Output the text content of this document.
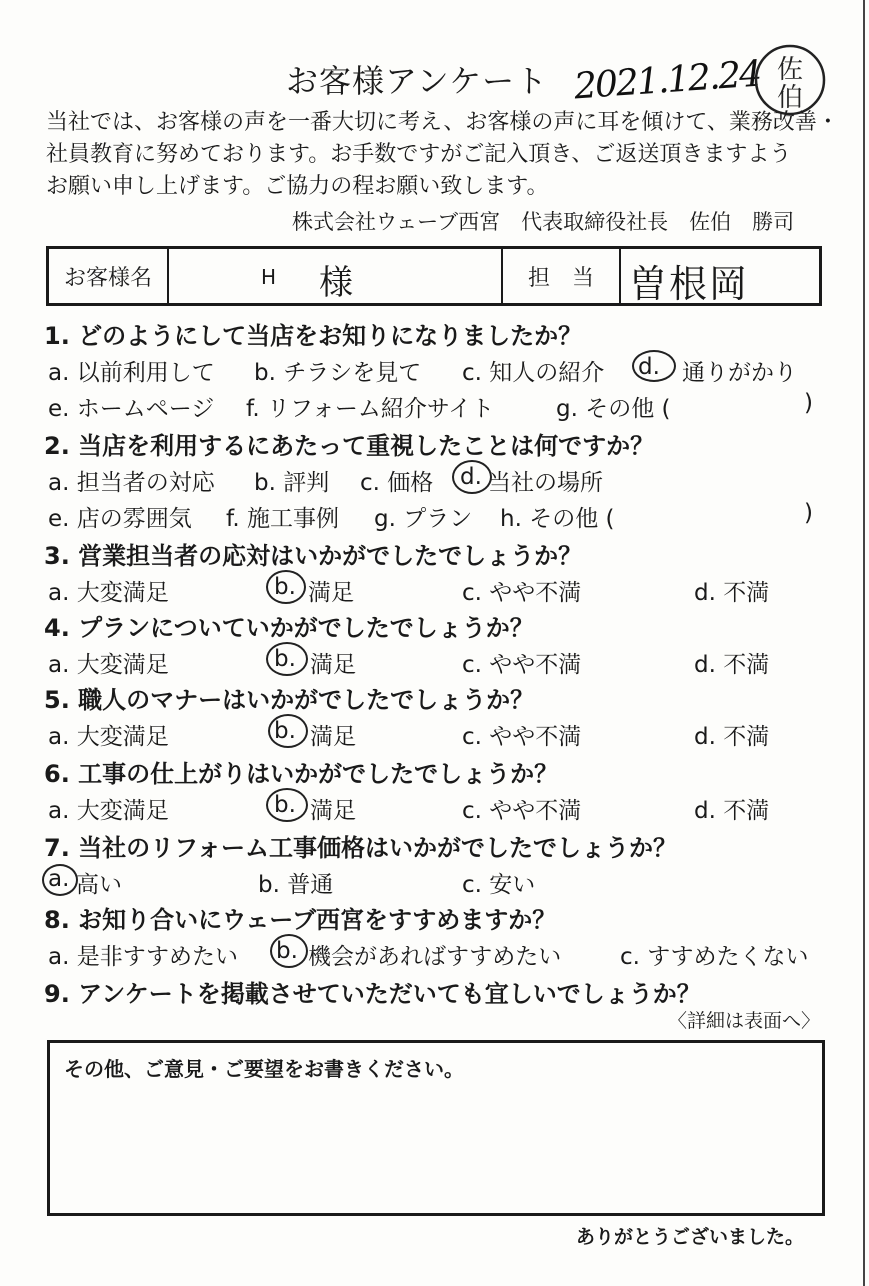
お客様アンケート 2021.12.24 佐
伯
当社では、お客様の声を一番大切に考え、お客様の声に耳を傾けて、業務改善・
社員教育に努めております。お手数ですがご記入頂き、ご返送頂きますよう
お願い申し上げます。ご協力の程お願い致します。
株式会社ウェーブ西宮　代表取締役社長　佐伯　勝司
お客様名	H 様	担当 曽根岡
1. どのようにして当店をお知りになりましたか？
a. 以前利用して b. チラシを見て c. 知人の紹介 d. 通りがかり
e. ホームページ f. リフォーム紹介サイト	g. その他 (	)
2. 当店を利用するにあたって重視したことは何ですか？
a. 担当者の対応 b. 評判 c. 価格 d. 当社の場所
e. 店の雰囲気 f. 施工事例 g. プラン h. その他 (	)
3. 営業担当者の応対はいかがでしたでしょうか？
a. 大変満足	b. 満足	c. やや不満	d. 不満
4. プランについていかがでしたでしょうか？
a. 大変満足	b. 満足	c. やや不満	d. 不満
5. 職人のマナーはいかがでしたでしょうか？
a. 大変満足	b. 満足	c. やや不満	d. 不満
6. 工事の仕上がりはいかがでしたでしょうか？
a. 大変満足	b. 満足	c. やや不満	d. 不満
7. 当社のリフォーム工事価格はいかがでしたでしょうか？
a. 高い	b. 普通	c. 安い
8. お知り合いにウェーブ西宮をすすめますか？
a. 是非すすめたい b. 機会があればすすめたい	c. すすめたくない
9. アンケートを掲載させていただいても宜しいでしょうか？
〈詳細は表面へ〉
その他、ご意見・ご要望をお書きください。
ありがとうございました。
